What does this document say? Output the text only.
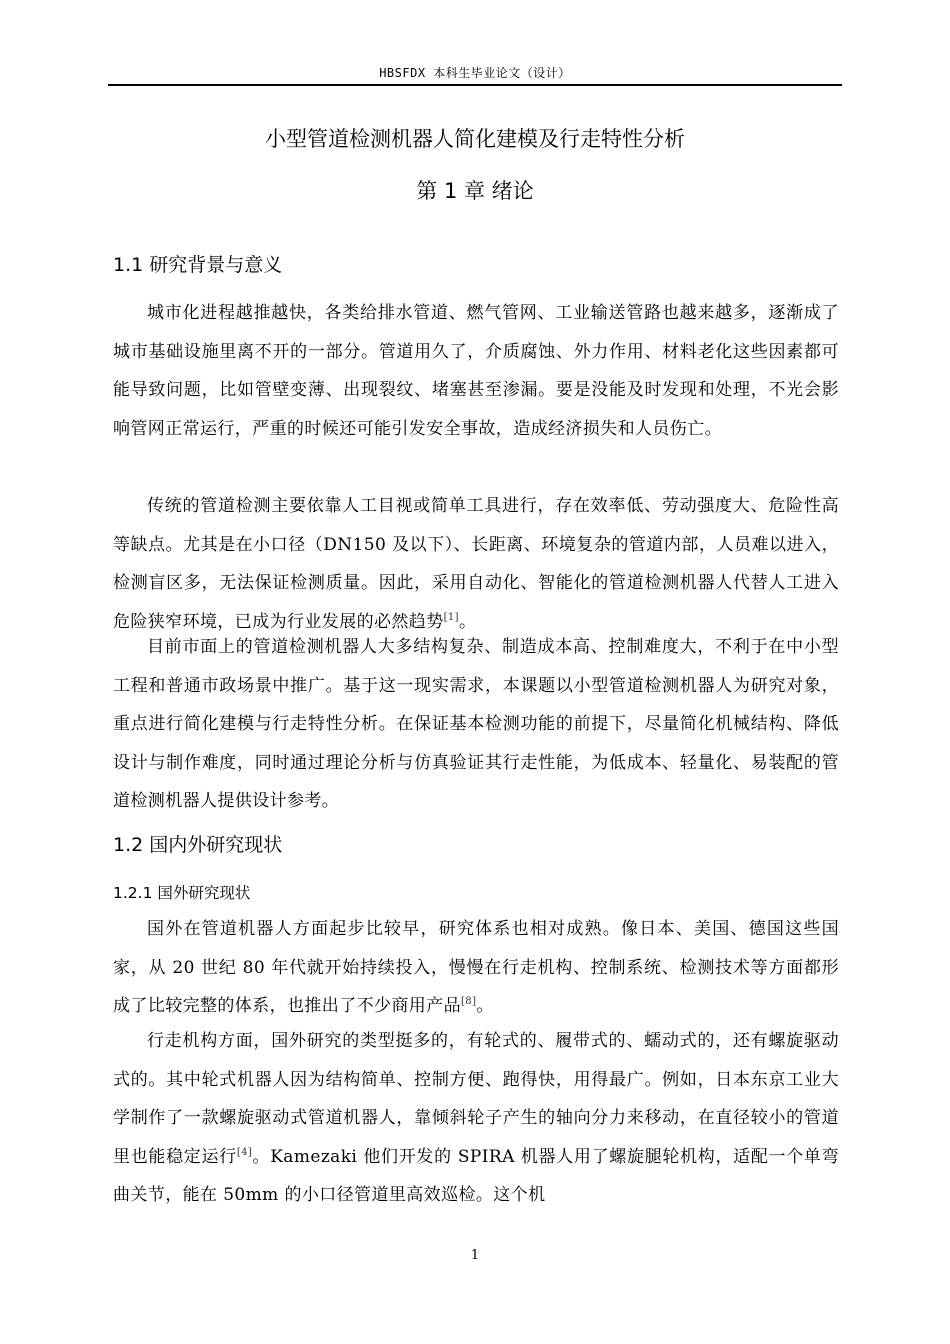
HBSFDX 本科生毕业论文（设计）
小型管道检测机器人简化建模及行走特性分析
第 1 章 绪论
1.1 研究背景与意义
城市化进程越推越快，各类给排水管道、燃气管网、工业输送管路也越来越多，逐渐成了城市基础设施里离不开的一部分。管道用久了，介质腐蚀、外力作用、材料老化这些因素都可能导致问题，比如管壁变薄、出现裂纹、堵塞甚至渗漏。要是没能及时发现和处理，不光会影响管网正常运行，严重的时候还可能引发安全事故，造成经济损失和人员伤亡。
传统的管道检测主要依靠人工目视或简单工具进行，存在效率低、劳动强度大、危险性高等缺点。尤其是在小口径（DN150 及以下）、长距离、环境复杂的管道内部，人员难以进入，检测盲区多，无法保证检测质量。因此，采用自动化、智能化的管道检测机器人代替人工进入危险狭窄环境，已成为行业发展的必然趋势[1]。
目前市面上的管道检测机器人大多结构复杂、制造成本高、控制难度大，不利于在中小型工程和普通市政场景中推广。基于这一现实需求，本课题以小型管道检测机器人为研究对象，重点进行简化建模与行走特性分析。在保证基本检测功能的前提下，尽量简化机械结构、降低设计与制作难度，同时通过理论分析与仿真验证其行走性能，为低成本、轻量化、易装配的管道检测机器人提供设计参考。
1.2 国内外研究现状
1.2.1 国外研究现状
国外在管道机器人方面起步比较早，研究体系也相对成熟。像日本、美国、德国这些国家，从 20 世纪 80 年代就开始持续投入，慢慢在行走机构、控制系统、检测技术等方面都形成了比较完整的体系，也推出了不少商用产品[8]。
行走机构方面，国外研究的类型挺多的，有轮式的、履带式的、蠕动式的，还有螺旋驱动式的。其中轮式机器人因为结构简单、控制方便、跑得快，用得最广。例如，日本东京工业大学制作了一款螺旋驱动式管道机器人，靠倾斜轮子产生的轴向分力来移动，在直径较小的管道里也能稳定运行[4]。Kamezaki 他们开发的 SPIRA 机器人用了螺旋腿轮机构，适配一个单弯曲关节，能在 50mm 的小口径管道里高效巡检。这个机
1
